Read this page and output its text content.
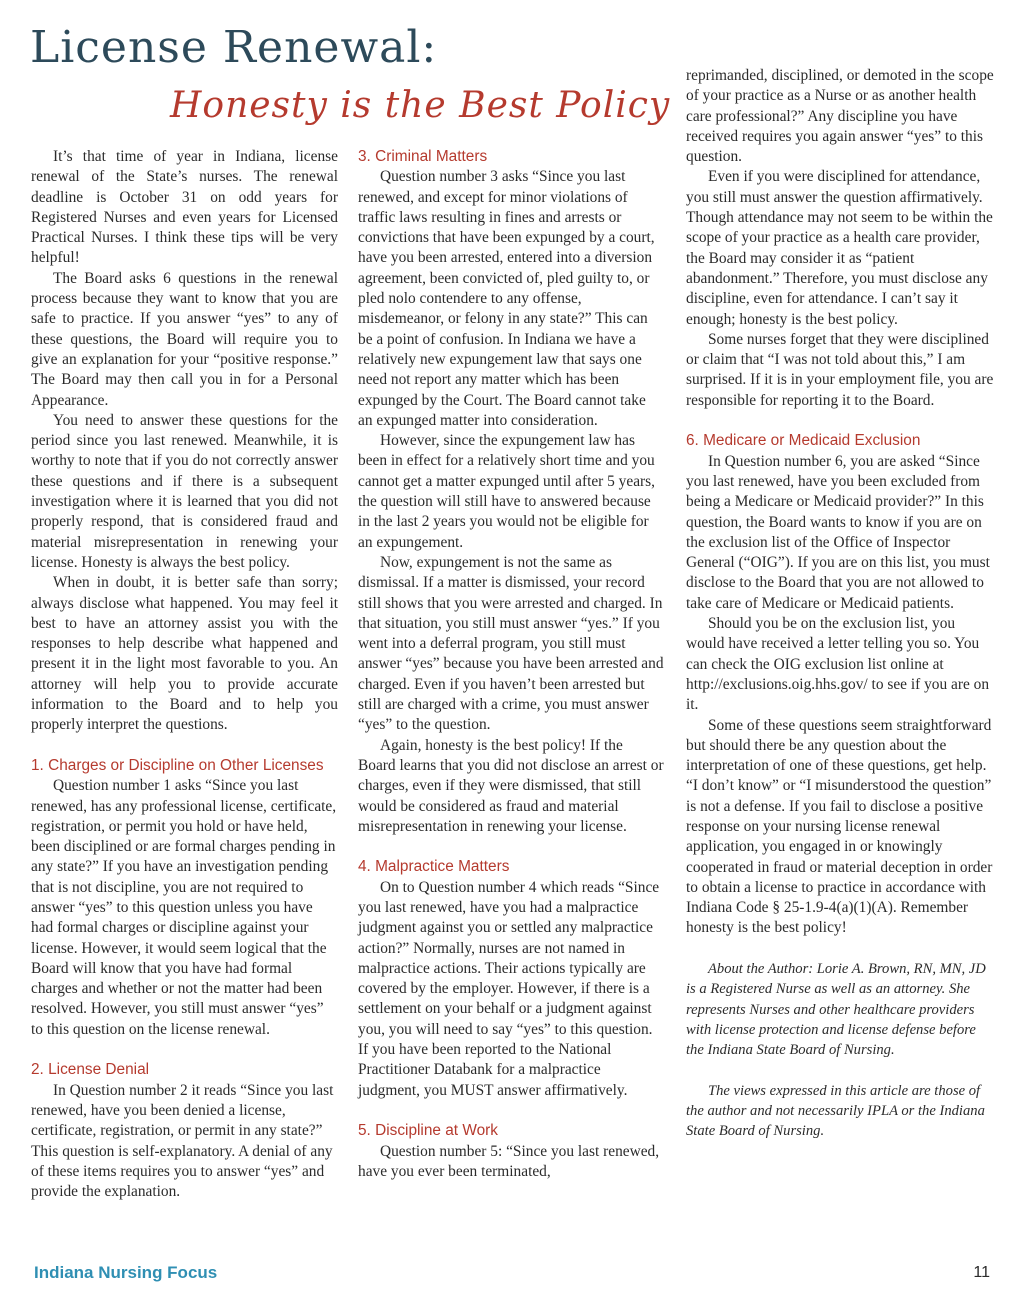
License Renewal:
Honesty is the Best Policy

It’s that time of year in Indiana, license renewal of the State’s nurses. The renewal deadline is October 31 on odd years for Registered Nurses and even years for Licensed Practical Nurses. I think these tips will be very helpful!

The Board asks 6 questions in the renewal process because they want to know that you are safe to practice. If you answer “yes” to any of these questions, the Board will require you to give an explanation for your “positive response.” The Board may then call you in for a Personal Appearance.

You need to answer these questions for the period since you last renewed. Meanwhile, it is worthy to note that if you do not correctly answer these questions and if there is a subsequent investigation where it is learned that you did not properly respond, that is considered fraud and material misrepresentation in renewing your license. Honesty is always the best policy.

When in doubt, it is better safe than sorry; always disclose what happened. You may feel it best to have an attorney assist you with the responses to help describe what happened and present it in the light most favorable to you. An attorney will help you to provide accurate information to the Board and to help you properly interpret the questions.

1. Charges or Discipline on Other Licenses

Question number 1 asks “Since you last renewed, has any professional license, certificate, registration, or permit you hold or have held, been disciplined or are formal charges pending in any state?” If you have an investigation pending that is not discipline, you are not required to answer “yes” to this question unless you have had formal charges or discipline against your license. However, it would seem logical that the Board will know that you have had formal charges and whether or not the matter had been resolved. However, you still must answer “yes” to this question on the license renewal.

2. License Denial

In Question number 2 it reads “Since you last renewed, have you been denied a license, certificate, registration, or permit in any state?” This question is self-explanatory. A denial of any of these items requires you to answer “yes” and provide the explanation.

3. Criminal Matters

Question number 3 asks “Since you last renewed, and except for minor violations of traffic laws resulting in fines and arrests or convictions that have been expunged by a court, have you been arrested, entered into a diversion agreement, been convicted of, pled guilty to, or pled nolo contendere to any offense, misdemeanor, or felony in any state?” This can be a point of confusion. In Indiana we have a relatively new expungement law that says one need not report any matter which has been expunged by the Court. The Board cannot take an expunged matter into consideration.

However, since the expungement law has been in effect for a relatively short time and you cannot get a matter expunged until after 5 years, the question will still have to answered because in the last 2 years you would not be eligible for an expungement.

Now, expungement is not the same as dismissal. If a matter is dismissed, your record still shows that you were arrested and charged. In that situation, you still must answer “yes.” If you went into a deferral program, you still must answer “yes” because you have been arrested and charged. Even if you haven’t been arrested but still are charged with a crime, you must answer “yes” to the question.

Again, honesty is the best policy! If the Board learns that you did not disclose an arrest or charges, even if they were dismissed, that still would be considered as fraud and material misrepresentation in renewing your license.

4. Malpractice Matters

On to Question number 4 which reads “Since you last renewed, have you had a malpractice judgment against you or settled any malpractice action?” Normally, nurses are not named in malpractice actions. Their actions typically are covered by the employer. However, if there is a settlement on your behalf or a judgment against you, you will need to say “yes” to this question. If you have been reported to the National Practitioner Databank for a malpractice judgment, you MUST answer affirmatively.

5. Discipline at Work

Question number 5: “Since you last renewed, have you ever been terminated,

reprimanded, disciplined, or demoted in the scope of your practice as a Nurse or as another health care professional?” Any discipline you have received requires you again answer “yes” to this question.

Even if you were disciplined for attendance, you still must answer the question affirmatively. Though attendance may not seem to be within the scope of your practice as a health care provider, the Board may consider it as “patient abandonment.” Therefore, you must disclose any discipline, even for attendance. I can’t say it enough; honesty is the best policy.

Some nurses forget that they were disciplined or claim that “I was not told about this,” I am surprised. If it is in your employment file, you are responsible for reporting it to the Board.

6. Medicare or Medicaid Exclusion

In Question number 6, you are asked “Since you last renewed, have you been excluded from being a Medicare or Medicaid provider?” In this question, the Board wants to know if you are on the exclusion list of the Office of Inspector General (“OIG”). If you are on this list, you must disclose to the Board that you are not allowed to take care of Medicare or Medicaid patients.

Should you be on the exclusion list, you would have received a letter telling you so. You can check the OIG exclusion list online at http://exclusions.oig.hhs.gov/ to see if you are on it.

Some of these questions seem straightforward but should there be any question about the interpretation of one of these questions, get help. “I don’t know” or “I misunderstood the question” is not a defense. If you fail to disclose a positive response on your nursing license renewal application, you engaged in or knowingly cooperated in fraud or material deception in order to obtain a license to practice in accordance with Indiana Code § 25-1.9-4(a)(1)(A). Remember honesty is the best policy!

About the Author: Lorie A. Brown, RN, MN, JD is a Registered Nurse as well as an attorney. She represents Nurses and other healthcare providers with license protection and license defense before the Indiana State Board of Nursing.

The views expressed in this article are those of the author and not necessarily IPLA or the Indiana State Board of Nursing.

Indiana Nursing Focus	11
